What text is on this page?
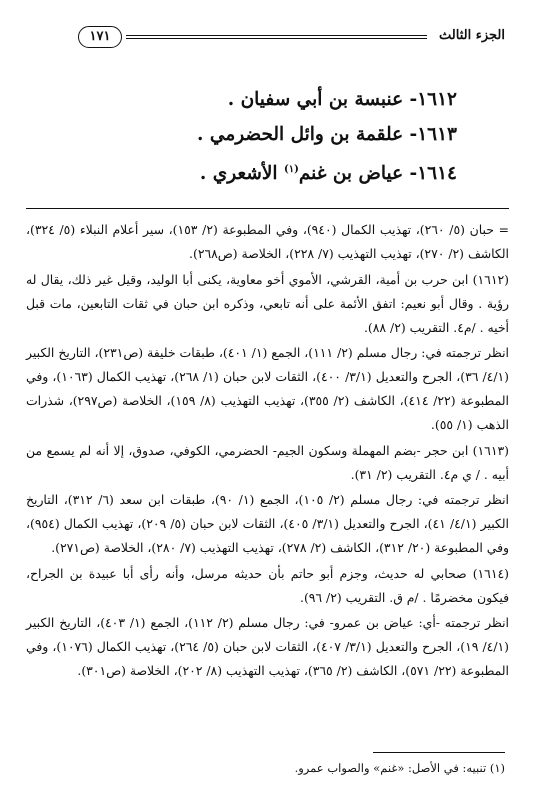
الجزء الثالث
١٧١
١٦١٢- عنبسة بن أبي سفيان .
١٦١٣- علقمة بن وائل الحضرمي .
١٦١٤- عياض بن غنم$^{(١)}$ الأشعري .

= حبان (٥/ ٢٦٠)، تهذيب الكمال (٩٤٠)، وفي المطبوعة (٢/ ١٥٣)، سير أعلام النبلاء (٥/ ٣٢٤)، الكاشف (٢/ ٢٧٠)، تهذيب التهذيب (٧/ ٢٢٨)، الخلاصة (ص٢٦٨).

(١٦١٢) ابن حرب بن أمية، القرشي، الأموي أخو معاوية، يكنى أبا الوليد، وقيل غير ذلك، يقال له رؤية . وقال أبو نعيم: اتفق الأئمة على أنه تابعي، وذكره ابن حبان في ثقات التابعين، مات قبل أخيه . /م٤. التقريب (٢/ ٨٨).

انظر ترجمته في: رجال مسلم (٢/ ١١١)، الجمع (١/ ٤٠١)، طبقات خليفة (ص٢٣١)، التاريخ الكبير (٤/١/ ٣٦)، الجرح والتعديل (٣/١/ ٤٠٠)، الثقات لابن حبان (١/ ٢٦٨)، تهذيب الكمال (١٠٦٣)، وفي المطبوعة (٢٢/ ٤١٤)، الكاشف (٢/ ٣٥٥)، تهذيب التهذيب (٨/ ١٥٩)، الخلاصة (ص٢٩٧)، شذرات الذهب (١/ ٥٥).

(١٦١٣) ابن حجر -بضم المهملة وسكون الجيم- الحضرمي، الكوفي، صدوق، إلا أنه لم يسمع من أبيه . / ي م٤. التقريب (٢/ ٣١).

انظر ترجمته في: رجال مسلم (٢/ ١٠٥)، الجمع (١/ ٩٠)، طبقات ابن سعد (٦/ ٣١٢)، التاريخ الكبير (٤/١/ ٤١)، الجرح والتعديل (٣/١/ ٤٠٥)، الثقات لابن حبان (٥/ ٢٠٩)، تهذيب الكمال (٩٥٤)، وفي المطبوعة (٢٠/ ٣١٢)، الكاشف (٢/ ٢٧٨)، تهذيب التهذيب (٧/ ٢٨٠)، الخلاصة (ص٢٧١).

(١٦١٤) صحابي له حديث، وجزم أبو حاتم بأن حديثه مرسل، وأنه رأى أبا عبيدة بن الجراح، فيكون مخضرمًا . /م ق. التقريب (٢/ ٩٦).

انظر ترجمته -أي: عياض بن عمرو- في: رجال مسلم (٢/ ١١٢)، الجمع (١/ ٤٠٣)، التاريخ الكبير (٤/١/ ١٩)، الجرح والتعديل (٣/١/ ٤٠٧)، الثقات لابن حبان (٥/ ٢٦٤)، تهذيب الكمال (١٠٧٦)، وفي المطبوعة (٢٢/ ٥٧١)، الكاشف (٢/ ٣٦٥)، تهذيب التهذيب (٨/ ٢٠٢)، الخلاصة (ص٣٠١).

(١) تنبيه: في الأصل: «غنم» والصواب عمرو.
